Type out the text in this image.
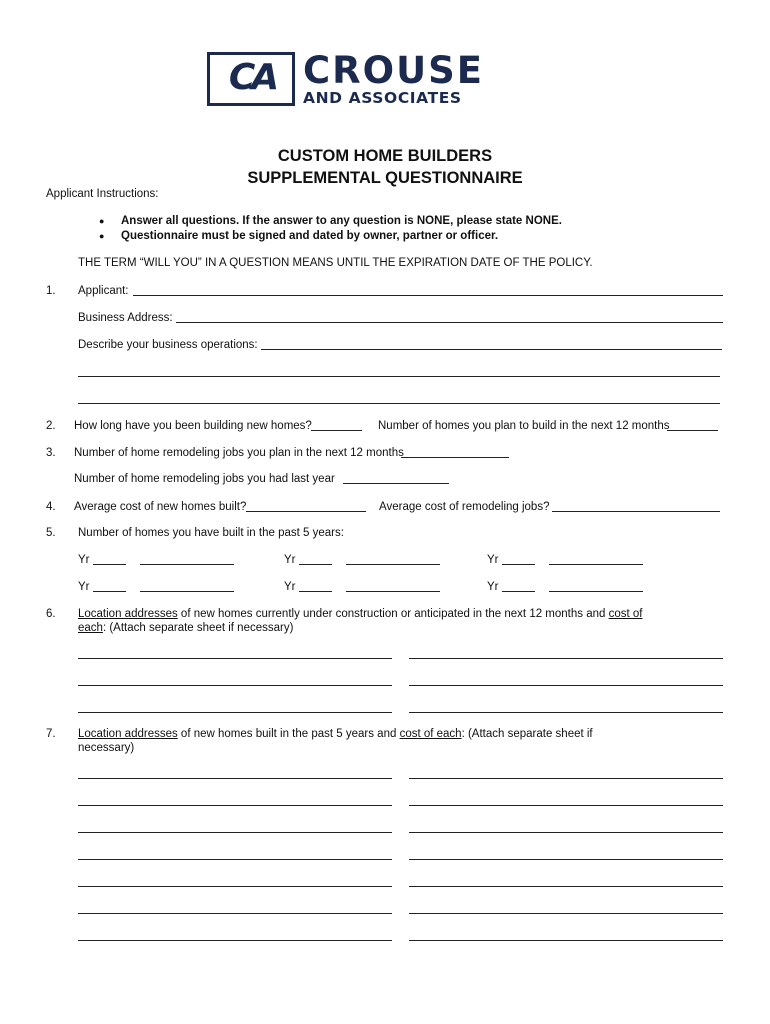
CA CROUSE
AND ASSOCIATES
CUSTOM HOME BUILDERS
SUPPLEMENTAL QUESTIONNAIRE
Applicant Instructions:
● Answer all questions. If the answer to any question is NONE, please state NONE.
● Questionnaire must be signed and dated by owner, partner or officer.
THE TERM “WILL YOU” IN A QUESTION MEANS UNTIL THE EXPIRATION DATE OF THE POLICY.
1. Applicant:
Business Address:
Describe your business operations:
2. How long have you been building new homes?	Number of homes you plan to build in the next 12 months
3. Number of home remodeling jobs you plan in the next 12 months
Number of home remodeling jobs you had last year
4. Average cost of new homes built?	Average cost of remodeling jobs?
5. Number of homes you have built in the past 5 years:
Yr	Yr	Yr
Yr	Yr	Yr
6. Location addresses of new homes currently under construction or anticipated in the next 12 months and cost of
each: (Attach separate sheet if necessary)
7. Location addresses of new homes built in the past 5 years and cost of each: (Attach separate sheet if
necessary)
